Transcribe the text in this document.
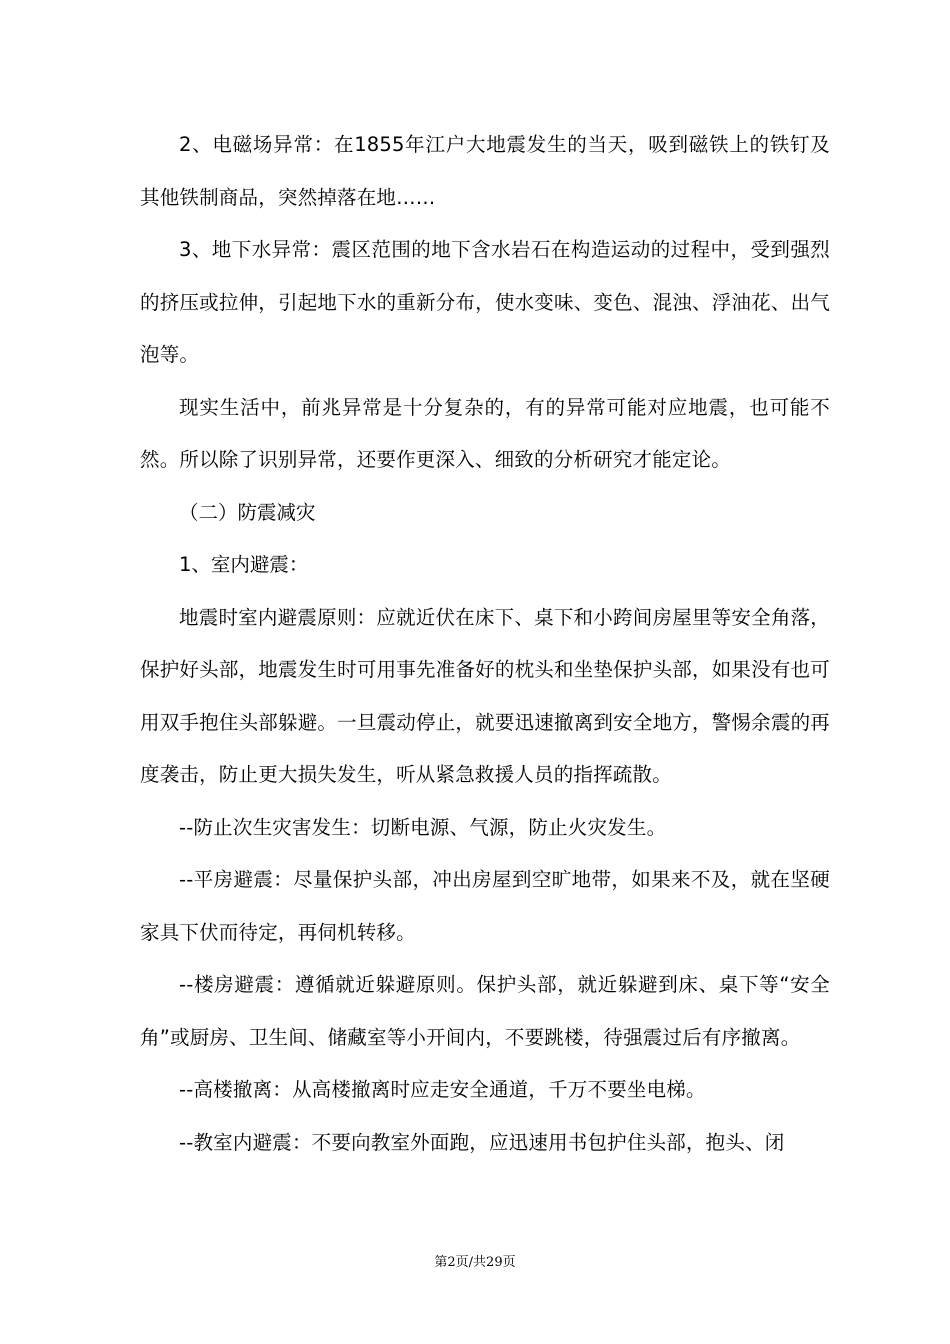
2、电磁场异常：在1855年江户大地震发生的当天，吸到磁铁上的铁钉及其他铁制商品，突然掉落在地……

3、地下水异常：震区范围的地下含水岩石在构造运动的过程中，受到强烈的挤压或拉伸，引起地下水的重新分布，使水变味、变色、混浊、浮油花、出气泡等。

现实生活中，前兆异常是十分复杂的，有的异常可能对应地震，也可能不然。所以除了识别异常，还要作更深入、细致的分析研究才能定论。

（二）防震减灾

1、室内避震：

地震时室内避震原则：应就近伏在床下、桌下和小跨间房屋里等安全角落，保护好头部，地震发生时可用事先准备好的枕头和坐垫保护头部，如果没有也可用双手抱住头部躲避。一旦震动停止，就要迅速撤离到安全地方，警惕余震的再度袭击，防止更大损失发生，听从紧急救援人员的指挥疏散。

--防止次生灾害发生：切断电源、气源，防止火灾发生。

--平房避震：尽量保护头部，冲出房屋到空旷地带，如果来不及，就在坚硬家具下伏而待定，再伺机转移。

--楼房避震：遵循就近躲避原则。保护头部，就近躲避到床、桌下等“安全角”或厨房、卫生间、储藏室等小开间内，不要跳楼，待强震过后有序撤离。

--高楼撤离：从高楼撤离时应走安全通道，千万不要坐电梯。

--教室内避震：不要向教室外面跑，应迅速用书包护住头部，抱头、闭

第2页/共29页
